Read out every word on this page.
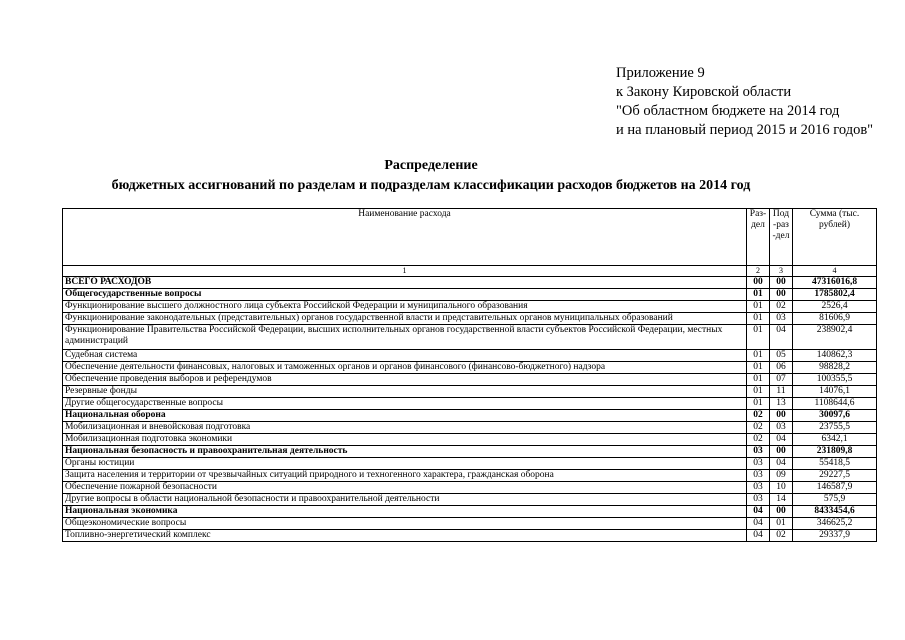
Приложение 9
к Закону Кировской области
"Об областном бюджете на 2014 год
и на плановый период 2015 и 2016 годов"
Распределение
бюджетных ассигнований по разделам и подразделам классификации расходов бюджетов на 2014 год
Наименование расхода	Раз-дел	Под-раз-дел	Сумма (тыс. рублей)
1	2	3	4
ВСЕГО РАСХОДОВ	00	00	47316016,8
Общегосударственные вопросы	01	00	1785802,4
Функционирование высшего должностного лица субъекта Российской Федерации и муниципального образования	01	02	2526,4
Функционирование законодательных (представительных) органов государственной власти и представительных органов муниципальных образований	01	03	81606,9
Функционирование Правительства Российской Федерации, высших исполнительных органов государственной власти субъектов Российской Федерации, местных администраций	01	04	238902,4
Судебная система	01	05	140862,3
Обеспечение деятельности финансовых, налоговых и таможенных органов и органов финансового (финансово-бюджетного) надзора	01	06	98828,2
Обеспечение проведения выборов и референдумов	01	07	100355,5
Резервные фонды	01	11	14076,1
Другие общегосударственные вопросы	01	13	1108644,6
Национальная оборона	02	00	30097,6
Мобилизационная и вневойсковая подготовка	02	03	23755,5
Мобилизационная подготовка экономики	02	04	6342,1
Национальная безопасность и правоохранительная деятельность	03	00	231809,8
Органы юстиции	03	04	55418,5
Защита населения и территории от чрезвычайных ситуаций природного и техногенного характера, гражданская оборона	03	09	29227,5
Обеспечение пожарной безопасности	03	10	146587,9
Другие вопросы в области национальной безопасности и правоохранительной деятельности	03	14	575,9
Национальная экономика	04	00	8433454,6
Общеэкономические вопросы	04	01	346625,2
Топливно-энергетический комплекс	04	02	29337,9
